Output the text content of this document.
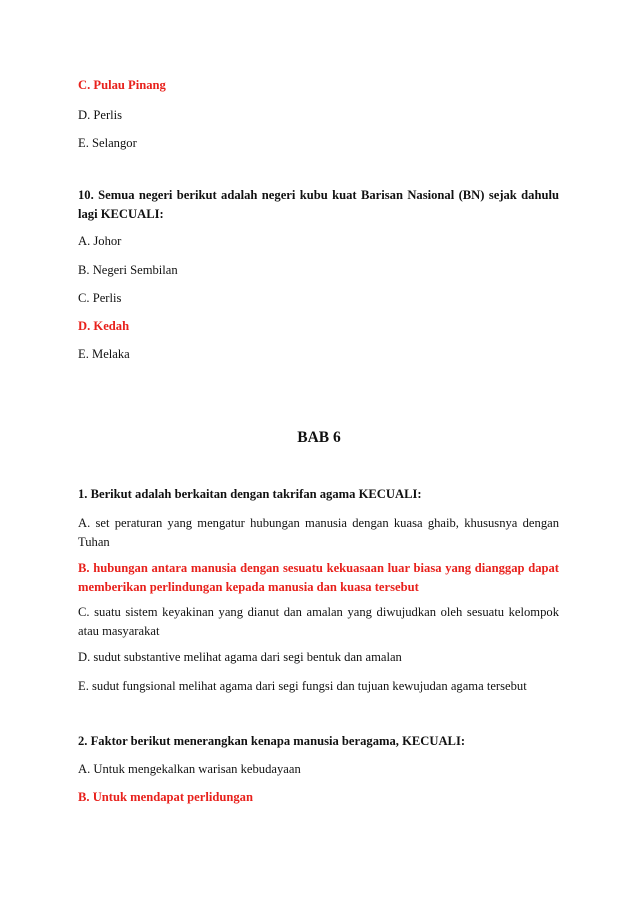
C. Pulau Pinang

D. Perlis

E. Selangor

10. Semua negeri berikut adalah negeri kubu kuat Barisan Nasional (BN) sejak dahulu lagi KECUALI:

A. Johor

B. Negeri Sembilan

C. Perlis

D. Kedah

E. Melaka

BAB 6

1. Berikut adalah berkaitan dengan takrifan agama KECUALI:

A. set peraturan yang mengatur hubungan manusia dengan kuasa ghaib, khususnya dengan Tuhan

B. hubungan antara manusia dengan sesuatu kekuasaan luar biasa yang dianggap dapat memberikan perlindungan kepada manusia dan kuasa tersebut

C. suatu sistem keyakinan yang dianut dan amalan yang diwujudkan oleh sesuatu kelompok atau masyarakat

D. sudut substantive melihat agama dari segi bentuk dan amalan

E. sudut fungsional melihat agama dari segi fungsi dan tujuan kewujudan agama tersebut

2. Faktor berikut menerangkan kenapa manusia beragama, KECUALI:

A. Untuk mengekalkan warisan kebudayaan

B. Untuk mendapat perlidungan
